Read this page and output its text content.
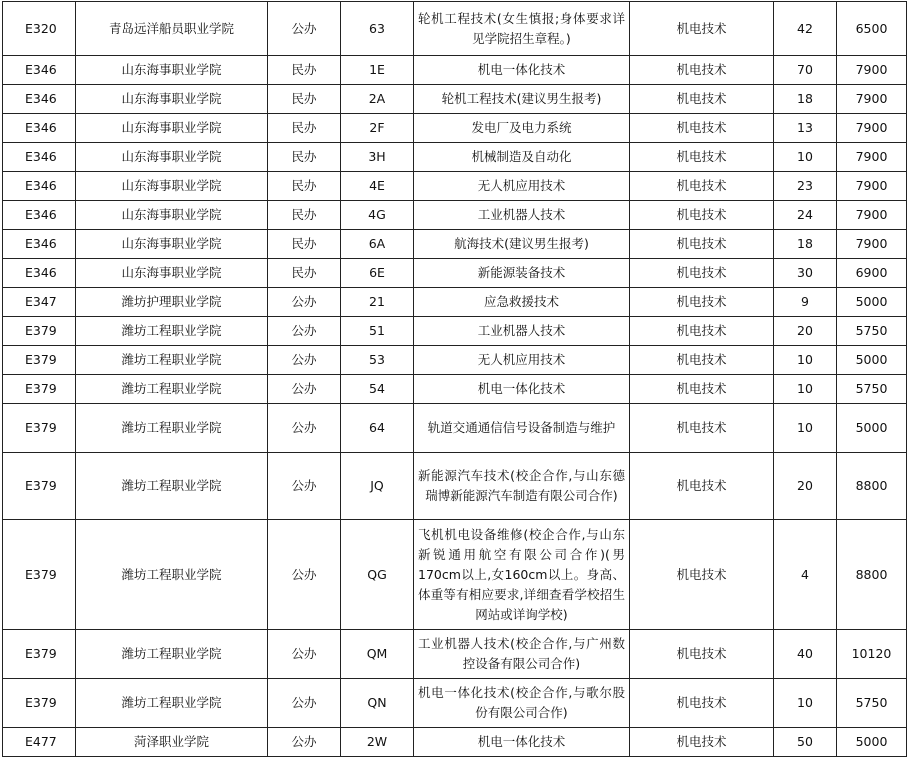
E320	青岛远洋船员职业学院	公办	63	轮机工程技术(女生慎报;身体要求详见学院招生章程。)	机电技术	42	6500
E346	山东海事职业学院	民办	1E	机电一体化技术	机电技术	70	7900
E346	山东海事职业学院	民办	2A	轮机工程技术(建议男生报考)	机电技术	18	7900
E346	山东海事职业学院	民办	2F	发电厂及电力系统	机电技术	13	7900
E346	山东海事职业学院	民办	3H	机械制造及自动化	机电技术	10	7900
E346	山东海事职业学院	民办	4E	无人机应用技术	机电技术	23	7900
E346	山东海事职业学院	民办	4G	工业机器人技术	机电技术	24	7900
E346	山东海事职业学院	民办	6A	航海技术(建议男生报考)	机电技术	18	7900
E346	山东海事职业学院	民办	6E	新能源装备技术	机电技术	30	6900
E347	潍坊护理职业学院	公办	21	应急救援技术	机电技术	9	5000
E379	潍坊工程职业学院	公办	51	工业机器人技术	机电技术	20	5750
E379	潍坊工程职业学院	公办	53	无人机应用技术	机电技术	10	5000
E379	潍坊工程职业学院	公办	54	机电一体化技术	机电技术	10	5750
E379	潍坊工程职业学院	公办	64	轨道交通通信信号设备制造与维护	机电技术	10	5000
E379	潍坊工程职业学院	公办	JQ	新能源汽车技术(校企合作,与山东德瑞博新能源汽车制造有限公司合作)	机电技术	20	8800
E379	潍坊工程职业学院	公办	QG	飞机机电设备维修(校企合作,与山东新锐通用航空有限公司合作)(男170cm以上,女160cm以上。身高、体重等有相应要求,详细查看学校招生网站或详询学校)	机电技术	4	8800
E379	潍坊工程职业学院	公办	QM	工业机器人技术(校企合作,与广州数控设备有限公司合作)	机电技术	40	10120
E379	潍坊工程职业学院	公办	QN	机电一体化技术(校企合作,与歌尔股份有限公司合作)	机电技术	10	5750
E477	菏泽职业学院	公办	2W	机电一体化技术	机电技术	50	5000
